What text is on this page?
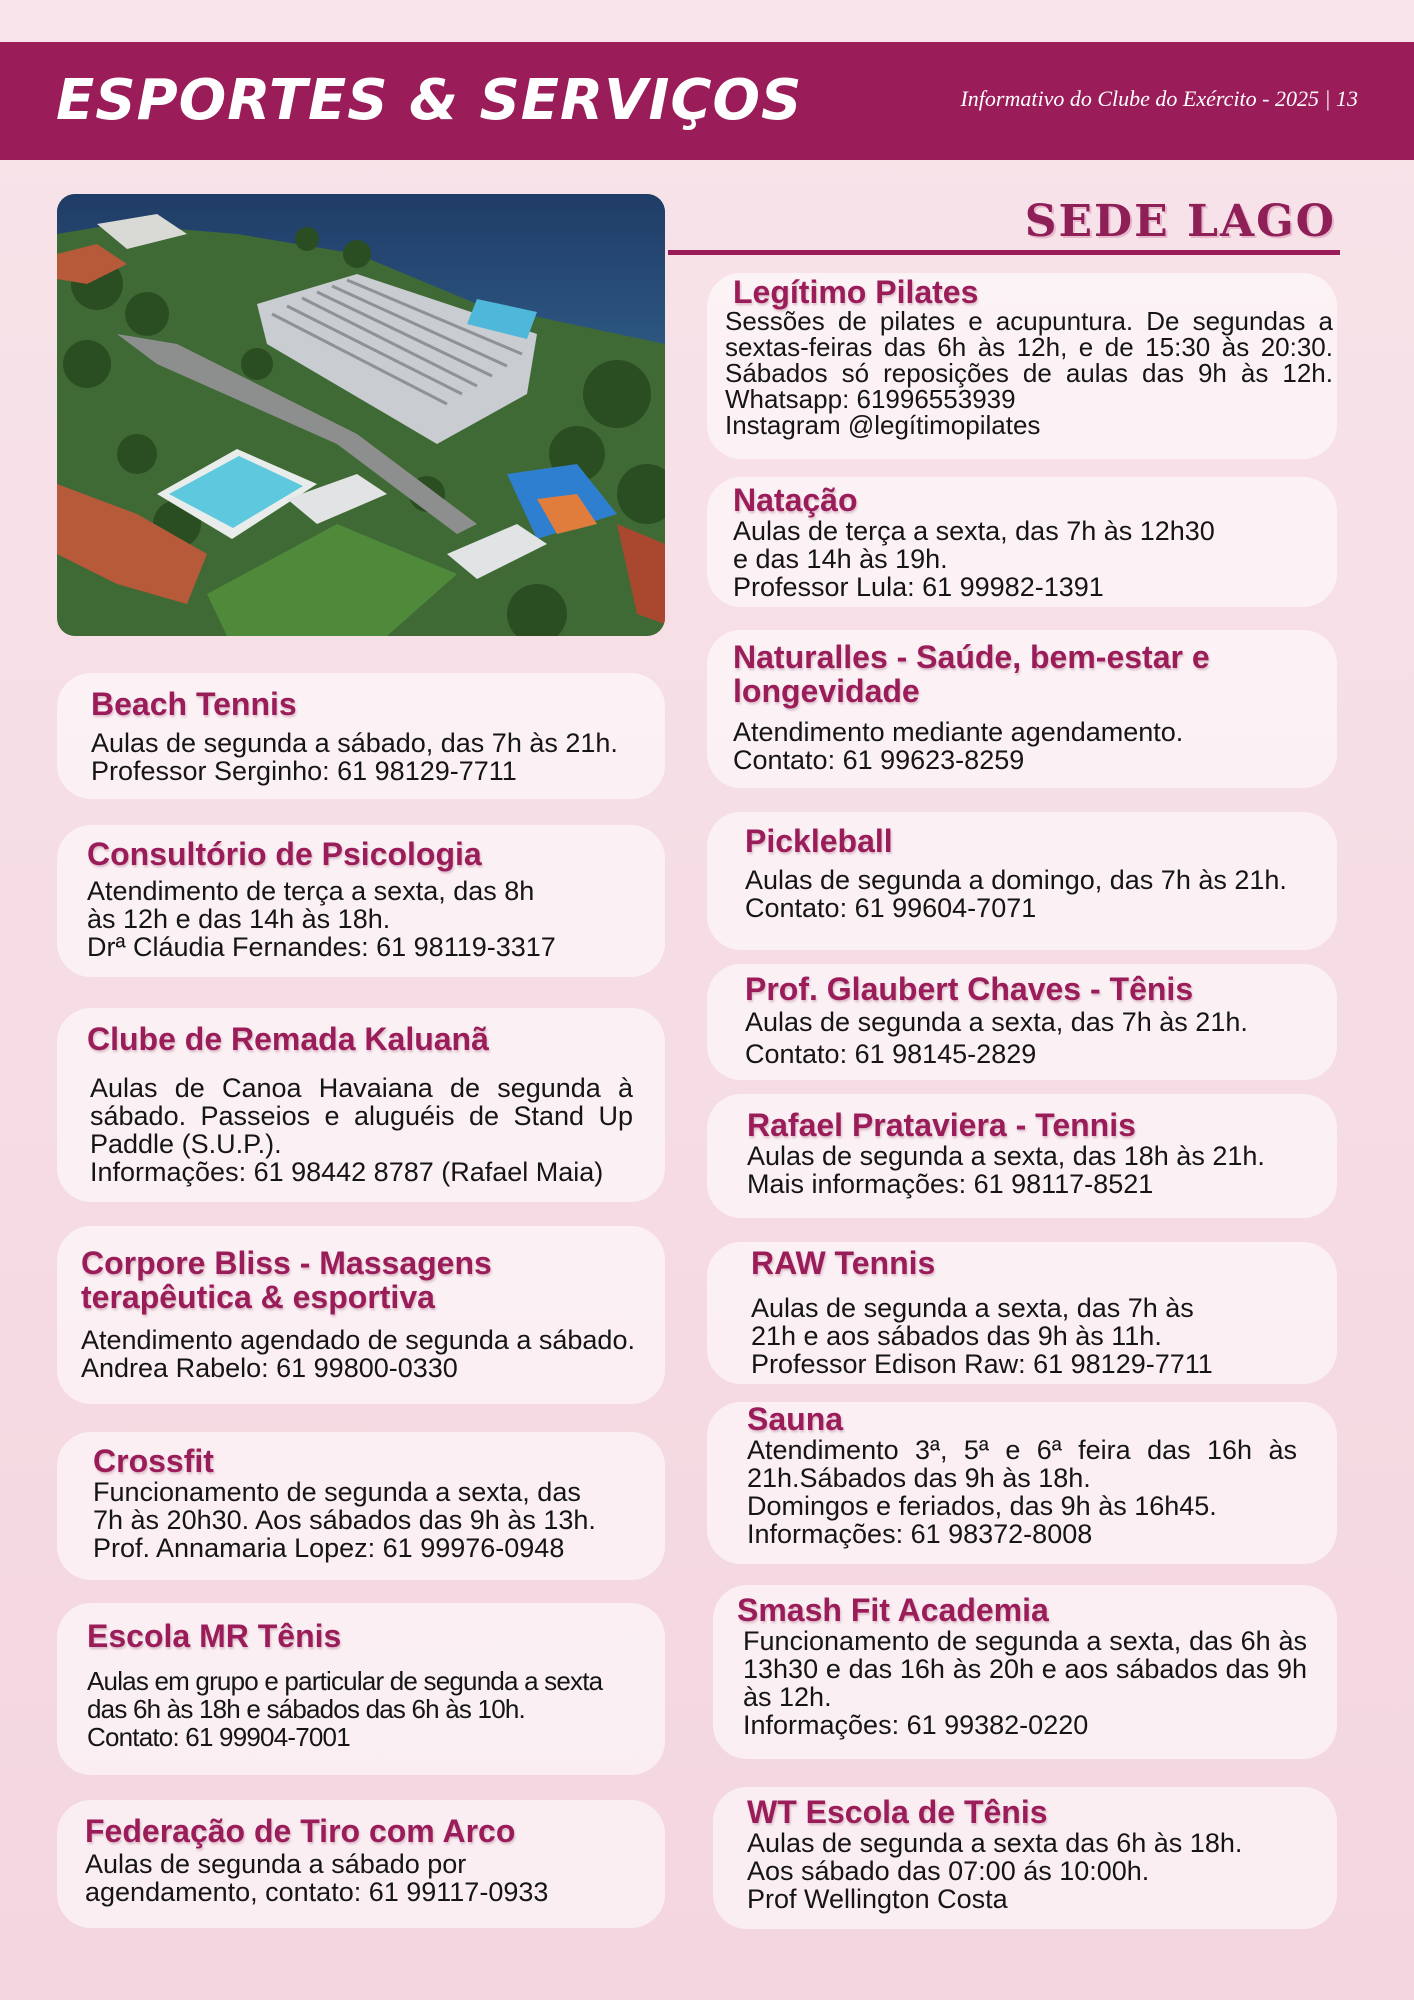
ESPORTES & SERVIÇOS	Informativo do Clube do Exército - 2025 | 13
SEDE LAGO
Beach Tennis
Aulas de segunda a sábado, das 7h às 21h.
Professor Serginho: 61 98129-7711
Consultório de Psicologia
Atendimento de terça a sexta, das 8h
às 12h e das 14h às 18h.
Drª Cláudia Fernandes: 61 98119-3317
Clube de Remada Kaluanã
Aulas de Canoa Havaiana de segunda à sábado. Passeios e aluguéis de Stand Up Paddle (S.U.P.).
Informações: 61 98442 8787 (Rafael Maia)
Corpore Bliss - Massagens
terapêutica & esportiva
Atendimento agendado de segunda a sábado.
Andrea Rabelo: 61 99800-0330
Crossfit
Funcionamento de segunda a sexta, das
7h às 20h30. Aos sábados das 9h às 13h.
Prof. Annamaria Lopez: 61 99976-0948
Escola MR Tênis
Aulas em grupo e particular de segunda a sexta
das 6h às 18h e sábados das 6h às 10h.
Contato: 61 99904-7001
Federação de Tiro com Arco
Aulas de segunda a sábado por
agendamento, contato: 61 99117-0933
Legítimo Pilates
Sessões de pilates e acupuntura. De segundas a sextas-feiras das 6h às 12h, e de 15:30 às 20:30. Sábados só reposições de aulas das 9h às 12h. Whatsapp: 61996553939
Instagram @legítimopilates
Natação
Aulas de terça a sexta, das 7h às 12h30
e das 14h às 19h.
Professor Lula: 61 99982-1391
Naturalles - Saúde, bem-estar e
longevidade
Atendimento mediante agendamento.
Contato: 61 99623-8259
Pickleball
Aulas de segunda a domingo, das 7h às 21h.
Contato: 61 99604-7071
Prof. Glaubert Chaves - Tênis
Aulas de segunda a sexta, das 7h às 21h.
Contato: 61 98145-2829
Rafael Prataviera - Tennis
Aulas de segunda a sexta, das 18h às 21h.
Mais informações: 61 98117-8521
RAW Tennis
Aulas de segunda a sexta, das 7h às
21h e aos sábados das 9h às 11h.
Professor Edison Raw: 61 98129-7711
Sauna
Atendimento 3ª, 5ª e 6ª feira das 16h às 21h.Sábados das 9h às 18h.
Domingos e feriados, das 9h às 16h45.
Informações: 61 98372-8008
Smash Fit Academia
Funcionamento de segunda a sexta, das 6h às 13h30 e das 16h às 20h e aos sábados das 9h às 12h.
Informações: 61 99382-0220
WT Escola de Tênis
Aulas de segunda a sexta das 6h às 18h.
Aos sábado das 07:00 ás 10:00h.
Prof Wellington Costa
